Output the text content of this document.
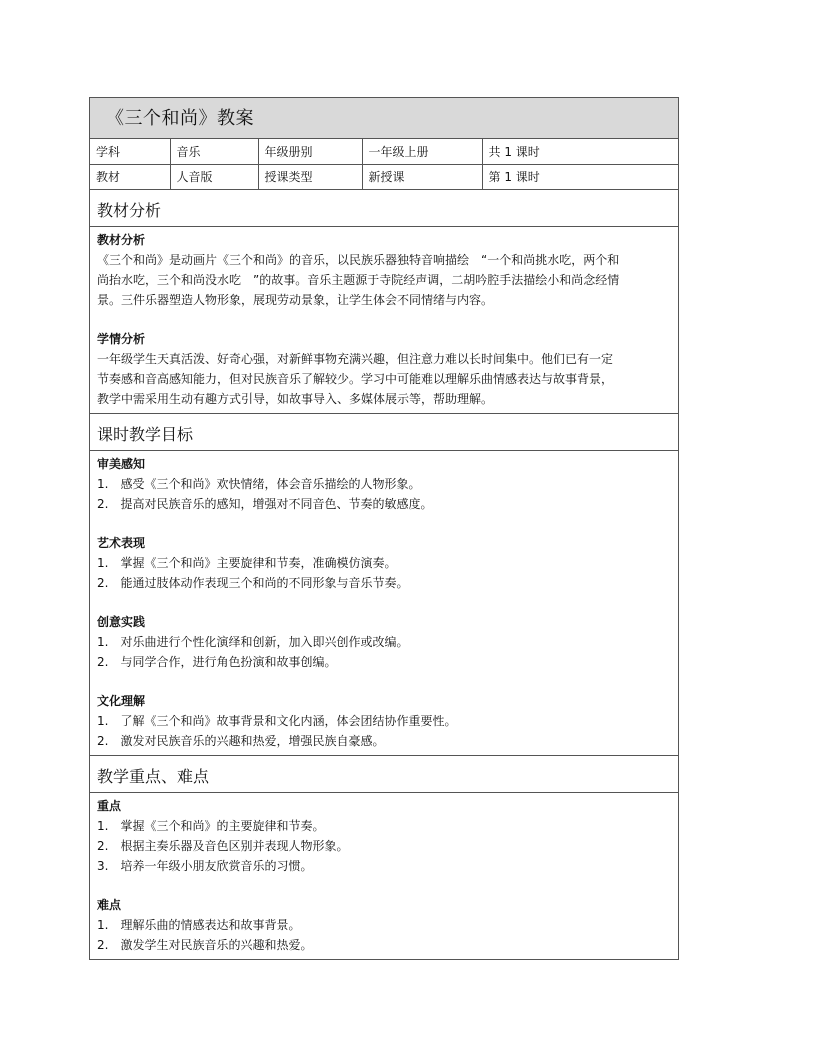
《三个和尚》教案
学科	音乐	年级册别	一年级上册	共 1 课时
教材	人音版	授课类型	新授课	第 1 课时
教材分析
教材分析
《三个和尚》是动画片《三个和尚》的音乐，以民族乐器独特音响描绘　“一个和尚挑水吃，两个和
尚抬水吃，三个和尚没水吃　”的故事。音乐主题源于寺院经声调，二胡吟腔手法描绘小和尚念经情
景。三件乐器塑造人物形象，展现劳动景象，让学生体会不同情绪与内容。
学情分析
一年级学生天真活泼、好奇心强，对新鲜事物充满兴趣，但注意力难以长时间集中。他们已有一定
节奏感和音高感知能力，但对民族音乐了解较少。学习中可能难以理解乐曲情感表达与故事背景，
教学中需采用生动有趣方式引导，如故事导入、多媒体展示等，帮助理解。
课时教学目标
审美感知
1.　感受《三个和尚》欢快情绪，体会音乐描绘的人物形象。
2.　提高对民族音乐的感知，增强对不同音色、节奏的敏感度。
艺术表现
1.　掌握《三个和尚》主要旋律和节奏，准确模仿演奏。
2.　能通过肢体动作表现三个和尚的不同形象与音乐节奏。
创意实践
1.　对乐曲进行个性化演绎和创新，加入即兴创作或改编。
2.　与同学合作，进行角色扮演和故事创编。
文化理解
1.　了解《三个和尚》故事背景和文化内涵，体会团结协作重要性。
2.　激发对民族音乐的兴趣和热爱，增强民族自豪感。
教学重点、难点
重点
1.　掌握《三个和尚》的主要旋律和节奏。
2.　根据主奏乐器及音色区别并表现人物形象。
3.　培养一年级小朋友欣赏音乐的习惯。
难点
1.　理解乐曲的情感表达和故事背景。
2.　激发学生对民族音乐的兴趣和热爱。
